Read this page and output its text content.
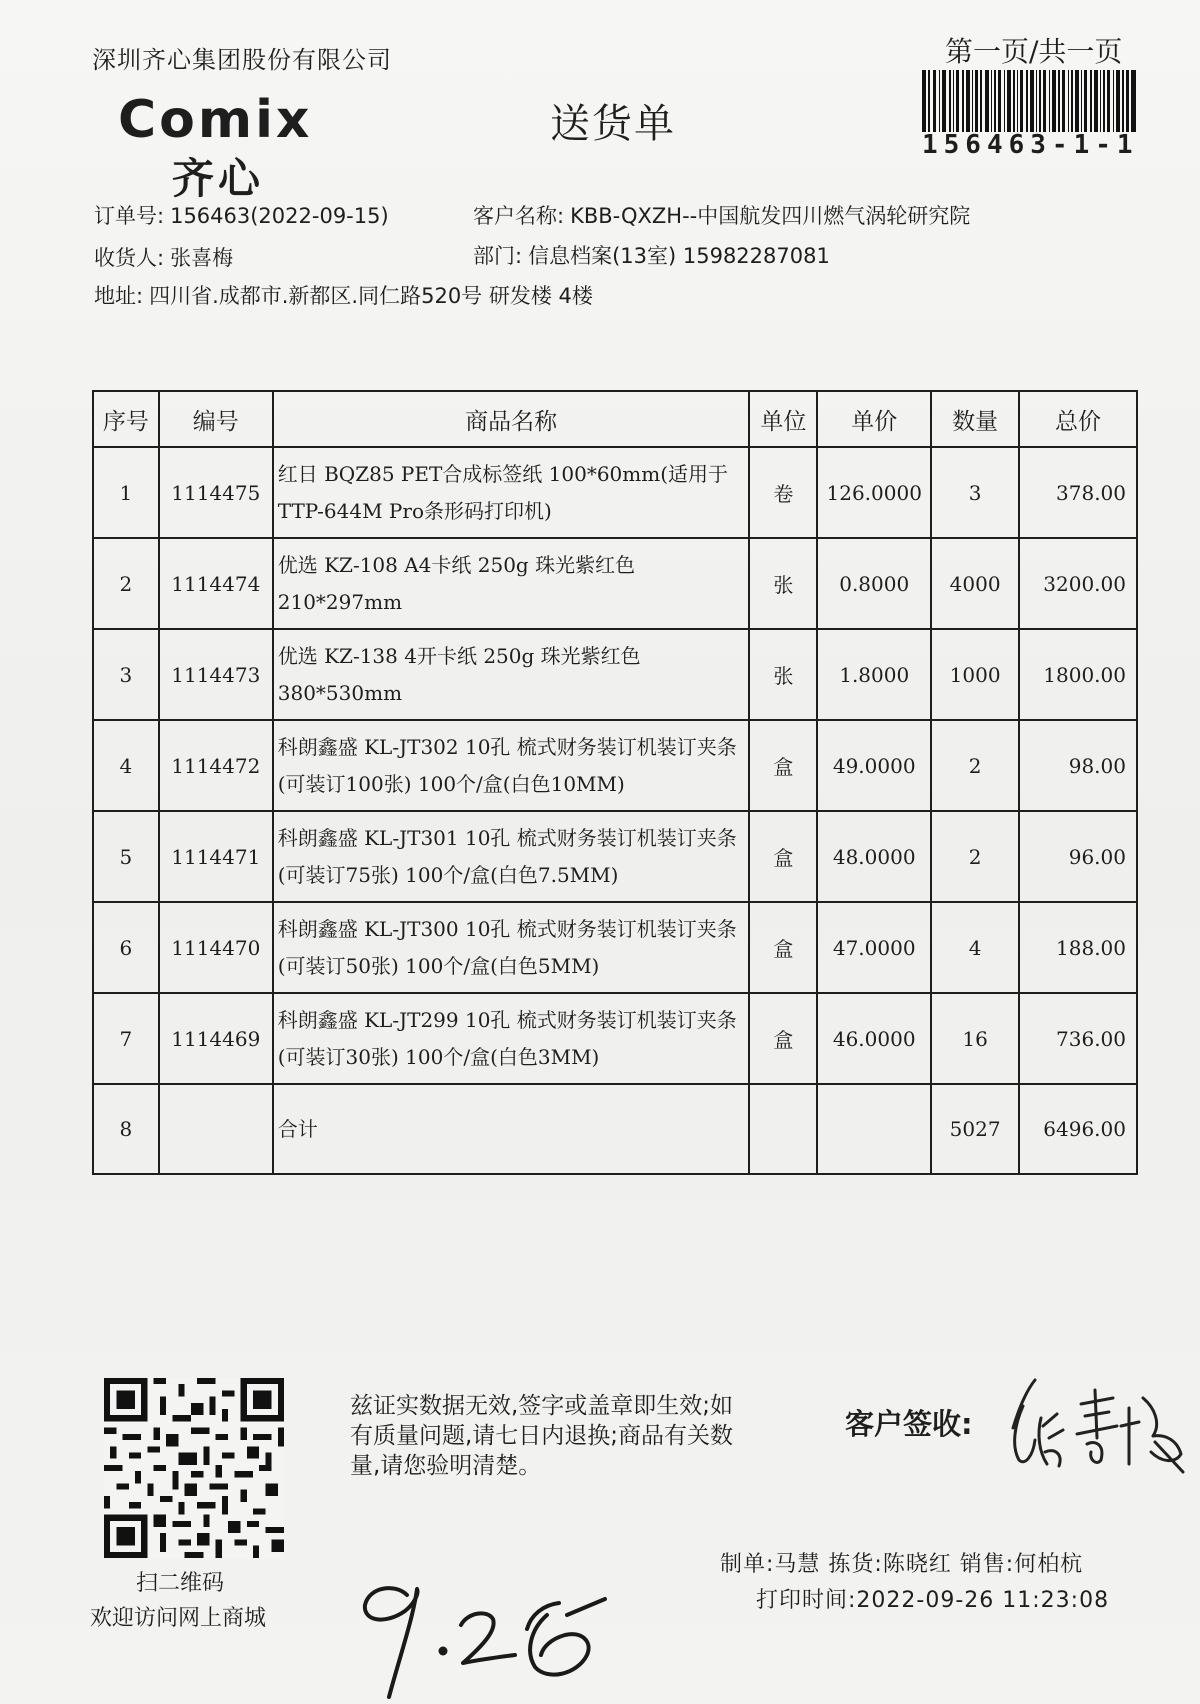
深圳齐心集团股份有限公司	第一页/共一页
156463-1-1
Comix
齐心
送货单
订单号: 156463(2022-09-15)	客户名称: KBB-QXZH--中国航发四川燃气涡轮研究院
收货人: 张喜梅	部门: 信息档案(13室) 15982287081
地址: 四川省.成都市.新都区.同仁路520号 研发楼 4楼
序号	编号	商品名称	单位	单价	数量	总价
1	1114475	红日 BQZ85 PET合成标签纸 100*60mm(适用于TTP-644M Pro条形码打印机)	卷	126.0000	3	378.00
2	1114474	优选 KZ-108 A4卡纸 250g 珠光紫红色 210*297mm	张	0.8000	4000	3200.00
3	1114473	优选 KZ-138 4开卡纸 250g 珠光紫红色 380*530mm	张	1.8000	1000	1800.00
4	1114472	科朗鑫盛 KL-JT302 10孔 梳式财务装订机装订夹条(可装订100张) 100个/盒(白色10MM)	盒	49.0000	2	98.00
5	1114471	科朗鑫盛 KL-JT301 10孔 梳式财务装订机装订夹条(可装订75张) 100个/盒(白色7.5MM)	盒	48.0000	2	96.00
6	1114470	科朗鑫盛 KL-JT300 10孔 梳式财务装订机装订夹条(可装订50张) 100个/盒(白色5MM)	盒	47.0000	4	188.00
7	1114469	科朗鑫盛 KL-JT299 10孔 梳式财务装订机装订夹条(可装订30张) 100个/盒(白色3MM)	盒	46.0000	16	736.00
8		合计			5027	6496.00
扫二维码
欢迎访问网上商城
兹证实数据无效,签字或盖章即生效;如有质量问题,请七日内退换;商品有关数量,请您验明清楚。
客户签收:
制单:马慧 拣货:陈晓红 销售:何柏杭
打印时间:2022-09-26 11:23:08
